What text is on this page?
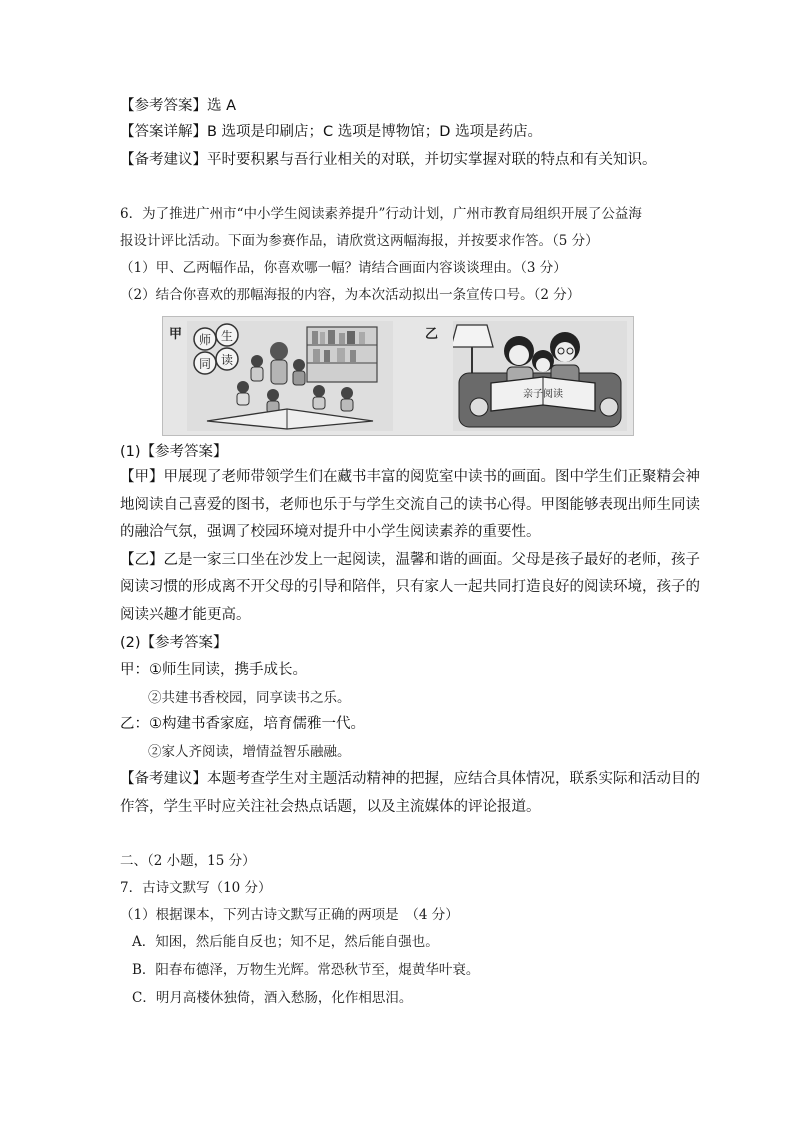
【参考答案】选 A
【答案详解】B 选项是印刷店；C 选项是博物馆；D 选项是药店。
【备考建议】平时要积累与吾行业相关的对联，并切实掌握对联的特点和有关知识。
6．为了推进广州市“中小学生阅读素养提升”行动计划，广州市教育局组织开展了公益海
报设计评比活动。下面为参赛作品，请欣赏这两幅海报，并按要求作答。（5 分）
（1）甲、乙两幅作品，你喜欢哪一幅？请结合画面内容谈谈理由。（3 分）
（2）结合你喜欢的那幅海报的内容，为本次活动拟出一条宣传口号。（2 分）
甲	乙
师 生
同 读
亲子阅读
(1)【参考答案】
【甲】甲展现了老师带领学生们在藏书丰富的阅览室中读书的画面。图中学生们正聚精会神
地阅读自己喜爱的图书，老师也乐于与学生交流自己的读书心得。甲图能够表现出师生同读
的融洽气氛，强调了校园环境对提升中小学生阅读素养的重要性。
【乙】乙是一家三口坐在沙发上一起阅读，温馨和谐的画面。父母是孩子最好的老师，孩子
阅读习惯的形成离不开父母的引导和陪伴，只有家人一起共同打造良好的阅读环境，孩子的
阅读兴趣才能更高。
(2)【参考答案】
甲：①师生同读，携手成长。
②共建书香校园，同享读书之乐。
乙：①构建书香家庭，培育儒雅一代。
②家人齐阅读，增情益智乐融融。
【备考建议】本题考查学生对主题活动精神的把握，应结合具体情况，联系实际和活动目的
作答，学生平时应关注社会热点话题，以及主流媒体的评论报道。
二、（2 小题，15 分）
7．古诗文默写（10 分）
（1）根据课本，下列古诗文默写正确的两项是　（4 分）
A．知困，然后能自反也；知不足，然后能自强也。
B．阳春布德泽，万物生光辉。常恐秋节至，焜黄华叶衰。
C．明月高楼休独倚，酒入愁肠，化作相思泪。
